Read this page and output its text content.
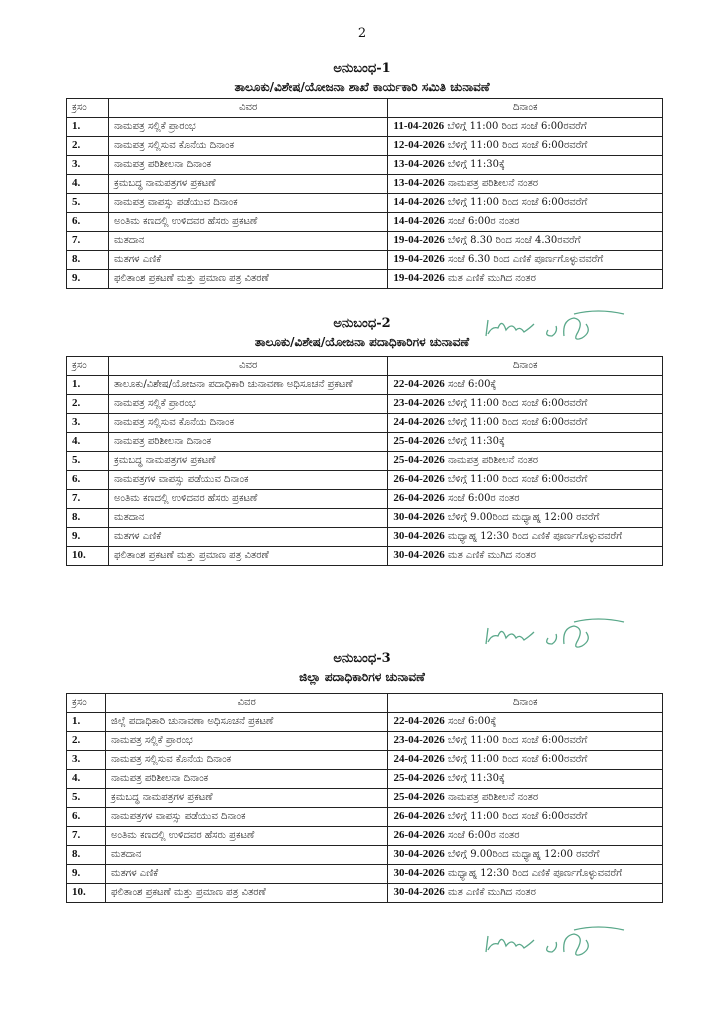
2
ಅನುಬಂಧ-1
ತಾಲೂಕು/ವಿಶೇಷ/ಯೋಜನಾ ಶಾಖೆ ಕಾರ್ಯಕಾರಿ ಸಮಿತಿ ಚುನಾವಣೆ
ಕ್ರಸಂ	ವಿವರ	ದಿನಾಂಕ
1.	ನಾಮಪತ್ರ ಸಲ್ಲಿಕೆ ಪ್ರಾರಂಭ	11-04-2026 ಬೆಳಿಗ್ಗೆ 11:00 ರಿಂದ ಸಂಜೆ 6:00ರವರೆಗೆ
2.	ನಾಮಪತ್ರ ಸಲ್ಲಿಸುವ ಕೊನೆಯ ದಿನಾಂಕ	12-04-2026 ಬೆಳಿಗ್ಗೆ 11:00 ರಿಂದ ಸಂಜೆ 6:00ರವರೆಗೆ
3.	ನಾಮಪತ್ರ ಪರಿಶೀಲನಾ ದಿನಾಂಕ	13-04-2026 ಬೆಳಿಗ್ಗೆ 11:30ಕ್ಕೆ
4.	ಕ್ರಮಬದ್ಧ ನಾಮಪತ್ರಗಳ ಪ್ರಕಟಣೆ	13-04-2026 ನಾಮಪತ್ರ ಪರಿಶೀಲನೆ ನಂತರ
5.	ನಾಮಪತ್ರ ವಾಪಸ್ಸು ಪಡೆಯುವ ದಿನಾಂಕ	14-04-2026 ಬೆಳಿಗ್ಗೆ 11:00 ರಿಂದ ಸಂಜೆ 6:00ರವರೆಗೆ
6.	ಅಂತಿಮ ಕಣದಲ್ಲಿ ಉಳಿದವರ ಹೆಸರು ಪ್ರಕಟಣೆ	14-04-2026 ಸಂಜೆ 6:00ರ ನಂತರ
7.	ಮತದಾನ	19-04-2026 ಬೆಳಿಗ್ಗೆ 8.30 ರಿಂದ ಸಂಜೆ 4.30ರವರೆಗೆ
8.	ಮತಗಳ ಎಣಿಕೆ	19-04-2026 ಸಂಜೆ 6.30 ರಿಂದ ಎಣಿಕೆ ಪೂರ್ಣಗೊಳ್ಳುವವರೆಗೆ
9.	ಫಲಿತಾಂಶ ಪ್ರಕಟಣೆ ಮತ್ತು ಪ್ರಮಾಣ ಪತ್ರ ವಿತರಣೆ	19-04-2026 ಮತ ಎಣಿಕೆ ಮುಗಿದ ನಂತರ
ಅನುಬಂಧ-2
ತಾಲೂಕು/ವಿಶೇಷ/ಯೋಜನಾ ಪದಾಧಿಕಾರಿಗಳ ಚುನಾವಣೆ
ಕ್ರಸಂ	ವಿವರ	ದಿನಾಂಕ
1.	ತಾಲೂಕು/ವಿಶೇಷ/ಯೋಜನಾ ಪದಾಧಿಕಾರಿ ಚುನಾವಣಾ ಅಧಿಸೂಚನೆ ಪ್ರಕಟಣೆ	22-04-2026 ಸಂಜೆ 6:00ಕ್ಕೆ
2.	ನಾಮಪತ್ರ ಸಲ್ಲಿಕೆ ಪ್ರಾರಂಭ	23-04-2026 ಬೆಳಿಗ್ಗೆ 11:00 ರಿಂದ ಸಂಜೆ 6:00ರವರೆಗೆ
3.	ನಾಮಪತ್ರ ಸಲ್ಲಿಸುವ ಕೊನೆಯ ದಿನಾಂಕ	24-04-2026 ಬೆಳಿಗ್ಗೆ 11:00 ರಿಂದ ಸಂಜೆ 6:00ರವರೆಗೆ
4.	ನಾಮಪತ್ರ ಪರಿಶೀಲನಾ ದಿನಾಂಕ	25-04-2026 ಬೆಳಿಗ್ಗೆ 11:30ಕ್ಕೆ
5.	ಕ್ರಮಬದ್ಧ ನಾಮಪತ್ರಗಳ ಪ್ರಕಟಣೆ	25-04-2026 ನಾಮಪತ್ರ ಪರಿಶೀಲನೆ ನಂತರ
6.	ನಾಮಪತ್ರಗಳ ವಾಪಸ್ಸು ಪಡೆಯುವ ದಿನಾಂಕ	26-04-2026 ಬೆಳಿಗ್ಗೆ 11:00 ರಿಂದ ಸಂಜೆ 6:00ರವರೆಗೆ
7.	ಅಂತಿಮ ಕಣದಲ್ಲಿ ಉಳಿದವರ ಹೆಸರು ಪ್ರಕಟಣೆ	26-04-2026 ಸಂಜೆ 6:00ರ ನಂತರ
8.	ಮತದಾನ	30-04-2026 ಬೆಳಿಗ್ಗೆ 9.00ರಿಂದ ಮಧ್ಯಾಹ್ನ 12:00 ರವರೆಗೆ
9.	ಮತಗಳ ಎಣಿಕೆ	30-04-2026 ಮಧ್ಯಾಹ್ನ 12:30 ರಿಂದ ಎಣಿಕೆ ಪೂರ್ಣಗೊಳ್ಳುವವರೆಗೆ
10.	ಫಲಿತಾಂಶ ಪ್ರಕಟಣೆ ಮತ್ತು ಪ್ರಮಾಣ ಪತ್ರ ವಿತರಣೆ	30-04-2026 ಮತ ಎಣಿಕೆ ಮುಗಿದ ನಂತರ
ಅನುಬಂಧ-3
ಜಿಲ್ಲಾ ಪದಾಧಿಕಾರಿಗಳ ಚುನಾವಣೆ
ಕ್ರಸಂ	ವಿವರ	ದಿನಾಂಕ
1.	ಜಿಲ್ಲೆ ಪದಾಧಿಕಾರಿ ಚುನಾವಣಾ ಅಧಿಸೂಚನೆ ಪ್ರಕಟಣೆ	22-04-2026 ಸಂಜೆ 6:00ಕ್ಕೆ
2.	ನಾಮಪತ್ರ ಸಲ್ಲಿಕೆ ಪ್ರಾರಂಭ	23-04-2026 ಬೆಳಿಗ್ಗೆ 11:00 ರಿಂದ ಸಂಜೆ 6:00ರವರೆಗೆ
3.	ನಾಮಪತ್ರ ಸಲ್ಲಿಸುವ ಕೊನೆಯ ದಿನಾಂಕ	24-04-2026 ಬೆಳಿಗ್ಗೆ 11:00 ರಿಂದ ಸಂಜೆ 6:00ರವರೆಗೆ
4.	ನಾಮಪತ್ರ ಪರಿಶೀಲನಾ ದಿನಾಂಕ	25-04-2026 ಬೆಳಿಗ್ಗೆ 11:30ಕ್ಕೆ
5.	ಕ್ರಮಬದ್ಧ ನಾಮಪತ್ರಗಳ ಪ್ರಕಟಣೆ	25-04-2026 ನಾಮಪತ್ರ ಪರಿಶೀಲನೆ ನಂತರ
6.	ನಾಮಪತ್ರಗಳ ವಾಪಸ್ಸು ಪಡೆಯುವ ದಿನಾಂಕ	26-04-2026 ಬೆಳಿಗ್ಗೆ 11:00 ರಿಂದ ಸಂಜೆ 6:00ರವರೆಗೆ
7.	ಅಂತಿಮ ಕಣದಲ್ಲಿ ಉಳಿದವರ ಹೆಸರು ಪ್ರಕಟಣೆ	26-04-2026 ಸಂಜೆ 6:00ರ ನಂತರ
8.	ಮತದಾನ	30-04-2026 ಬೆಳಿಗ್ಗೆ 9.00ರಿಂದ ಮಧ್ಯಾಹ್ನ 12:00 ರವರೆಗೆ
9.	ಮತಗಳ ಎಣಿಕೆ	30-04-2026 ಮಧ್ಯಾಹ್ನ 12:30 ರಿಂದ ಎಣಿಕೆ ಪೂರ್ಣಗೊಳ್ಳುವವರೆಗೆ
10.	ಫಲಿತಾಂಶ ಪ್ರಕಟಣೆ ಮತ್ತು ಪ್ರಮಾಣ ಪತ್ರ ವಿತರಣೆ	30-04-2026 ಮತ ಎಣಿಕೆ ಮುಗಿದ ನಂತರ
